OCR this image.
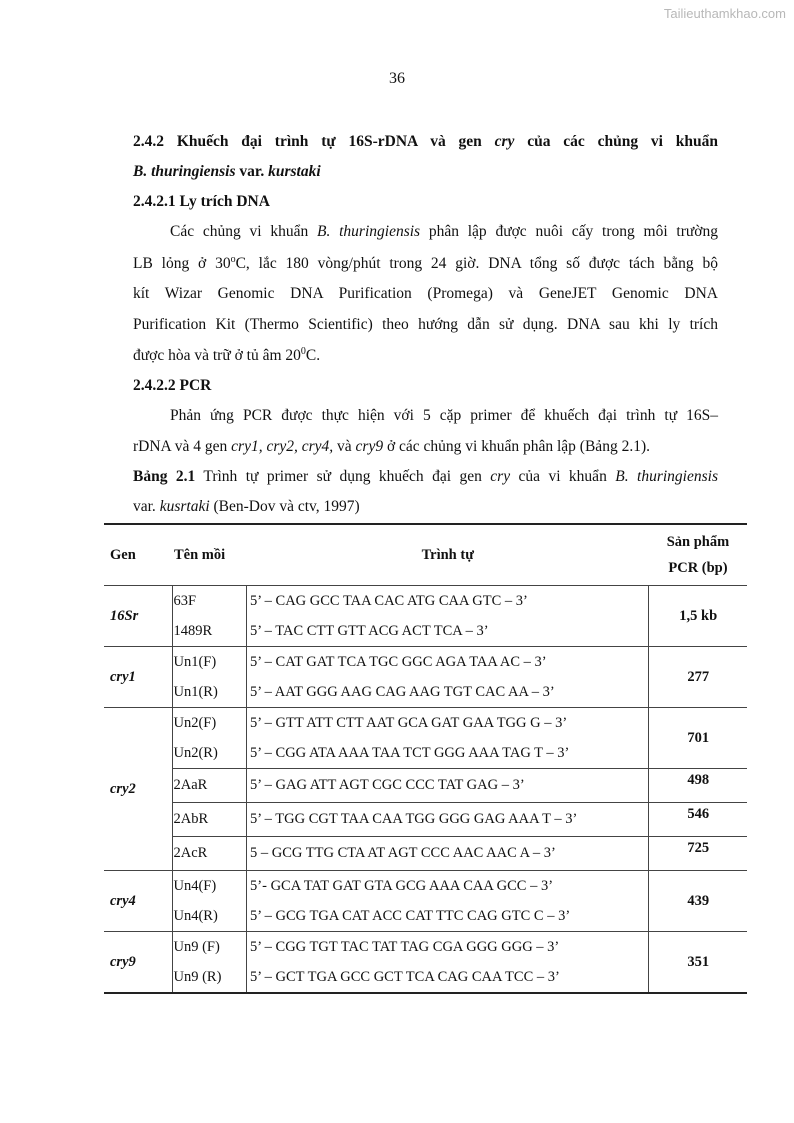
Tailieuthamkhao.com
36
2.4.2 Khuếch đại trình tự 16S-rDNA và gen cry của các chủng vi khuẩn
B. thuringiensis var. kurstaki
2.4.2.1 Ly trích DNA
Các chủng vi khuẩn B. thuringiensis phân lập được nuôi cấy trong môi trường
LB lỏng ở 30$^o$C, lắc 180 vòng/phút trong 24 giờ. DNA tổng số được tách bằng bộ
kít Wizar Genomic DNA Purification (Promega) và GeneJET Genomic DNA
Purification Kit (Thermo Scientific) theo hướng dẫn sử dụng. DNA sau khi ly trích
được hòa và trữ ở tủ âm $20^0C$.
2.4.2.2 PCR
Phản ứng PCR được thực hiện với 5 cặp primer để khuếch đại trình tự 16S–
rDNA và 4 gen cry1, cry2, cry4, và cry9 ở các chủng vi khuẩn phân lập (Bảng 2.1).
Bảng 2.1 Trình tự primer sử dụng khuếch đại gen cry của vi khuẩn B. thuringiensis
var. kusrtaki (Ben-Dov và ctv, 1997)
Gen	Tên mồi	Trình tự	Sản phẩm
PCR (bp)
16Sr	63F	5’ – CAG GCC TAA CAC ATG CAA GTC – 3’	1,5 kb
	1489R	5’ – TAC CTT GTT ACG ACT TCA – 3’	
cry1	Un1(F)	5’ – CAT GAT TCA TGC GGC AGA TAA AC – 3’	277
	Un1(R)	5’ – AAT GGG AAG CAG AAG TGT CAC AA – 3’	
cry2	Un2(F)	5’ – GTT ATT CTT AAT GCA GAT GAA TGG G – 3’	701
	Un2(R)	5’ – CGG ATA AAA TAA TCT GGG AAA TAG T – 3’	
	2AaR	5’ – GAG ATT AGT CGC CCC TAT GAG – 3’	498
	2AbR	5’ – TGG CGT TAA CAA TGG GGG GAG AAA T – 3’	546
	2AcR	5 – GCG TTG CTA AT AGT CCC AAC AAC A – 3’	725
cry4	Un4(F)	5’- GCA TAT GAT GTA GCG AAA CAA GCC – 3’	439
	Un4(R)	5’ – GCG TGA CAT ACC CAT TTC CAG GTC C – 3’	
cry9	Un9 (F)	5’ – CGG TGT TAC TAT TAG CGA GGG GGG – 3’	351
	Un9 (R)	5’ – GCT TGA GCC GCT TCA CAG CAA TCC – 3’	
